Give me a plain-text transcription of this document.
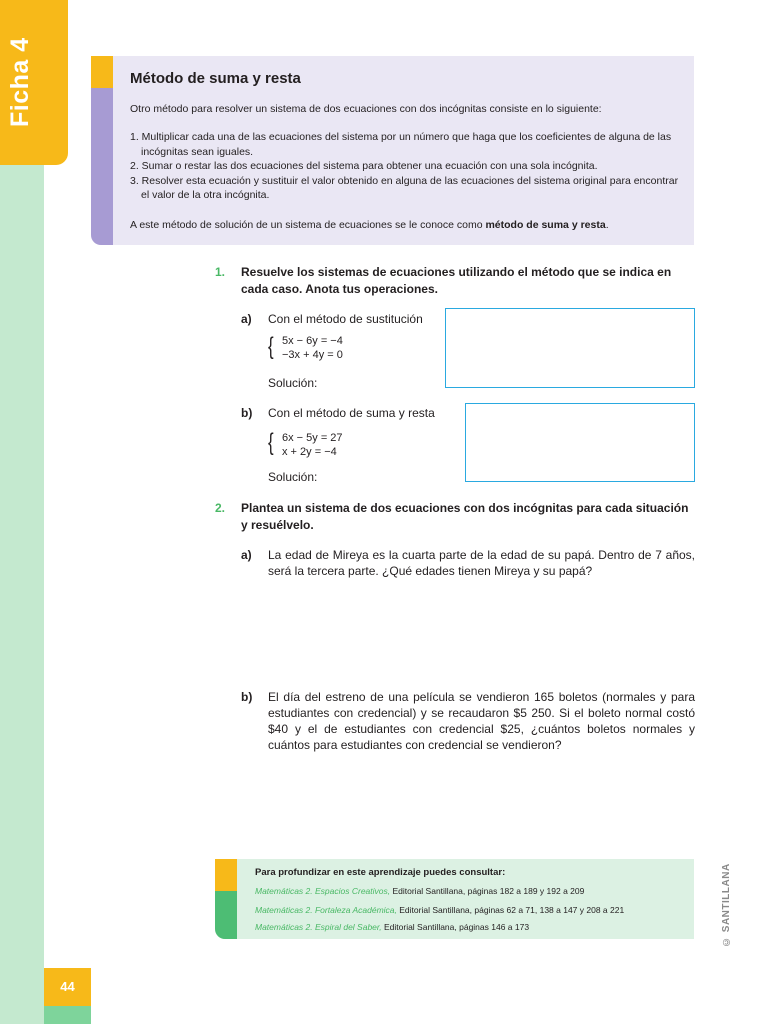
Ficha 4
44
Método de suma y resta
Otro método para resolver un sistema de dos ecuaciones con dos incógnitas consiste en lo siguiente:
1. Multiplicar cada una de las ecuaciones del sistema por un número que haga que los coeficientes de alguna de las incógnitas sean iguales.
2. Sumar o restar las dos ecuaciones del sistema para obtener una ecuación con una sola incógnita.
3. Resolver esta ecuación y sustituir el valor obtenido en alguna de las ecuaciones del sistema original para encontrar el valor de la otra incógnita.
A este método de solución de un sistema de ecuaciones se le conoce como método de suma y resta.
1. Resuelve los sistemas de ecuaciones utilizando el método que se indica en cada caso. Anota tus operaciones.
a) Con el método de sustitución
{ 5x − 6y = −4
−3x + 4y = 0
Solución:
b) Con el método de suma y resta
{ 6x − 5y = 27
x + 2y = −4
Solución:
2. Plantea un sistema de dos ecuaciones con dos incógnitas para cada situación y resuélvelo.
a) La edad de Mireya es la cuarta parte de la edad de su papá. Dentro de 7 años, será la tercera parte. ¿Qué edades tienen Mireya y su papá?
b) El día del estreno de una película se vendieron 165 boletos (normales y para estudiantes con credencial) y se recaudaron $5 250. Si el boleto normal costó $40 y el de estudiantes con credencial $25, ¿cuántos boletos normales y cuántos para estudiantes con credencial se vendieron?
Para profundizar en este aprendizaje puedes consultar:
Matemáticas 2. Espacios Creativos, Editorial Santillana, páginas 182 a 189 y 192 a 209
Matemáticas 2. Fortaleza Académica, Editorial Santillana, páginas 62 a 71, 138 a 147 y 208 a 221
Matemáticas 2. Espiral del Saber, Editorial Santillana, páginas 146 a 173	© SANTILLANA
